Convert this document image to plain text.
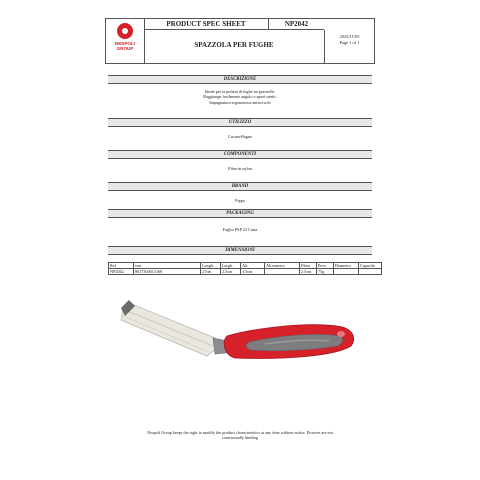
NESPOLI
GROUP
PRODUCT SPEC SHEET	NP2042
SPAZZOLA PER FUGHE
2025/11/05
Page 1 of 1
DESCRIZIONE
Ideale per la pulizia di fughe tra piastrelle.
Raggiunge facilmente angolo e spazi stretti.
Impugnatura ergonomica antiscivolo
UTILIZZO
Cucina-Bagno
COMPONENTI
Fibre in nylon
BRAND
Pippo
PACKAGING
Foglio PAP 22 Carta
DIMENSIONI
Ref	ean	Lungh.	Largh.	Alt.	Alt.manico	Fibra	Peso	Diametro	Capacità
NP2042	8017304013168	27cm	2.5cm	3.5cm		2.5cm	75g		
Nespoli Group keeps the right to modify the product characteristics at any time without notice. Pictures are not
contractually binding
